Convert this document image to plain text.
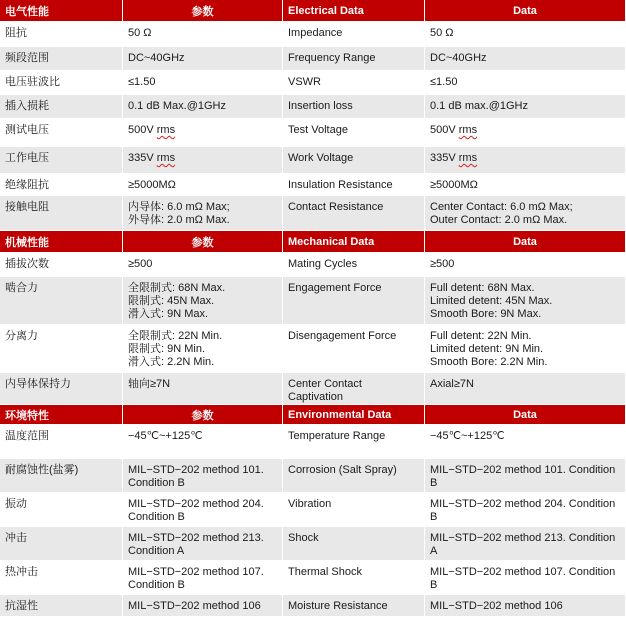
电气性能	参数	Electrical Data	Data

阻抗	50 Ω	Impedance	50 Ω

频段范围	DC~40GHz	Frequency Range	DC~40GHz

电压驻波比	≤1.50	VSWR	≤1.50

插入损耗	0.1 dB Max.@1GHz	Insertion loss	0.1 dB max.@1GHz

测试电压	500V rms	Test Voltage	500V rms

工作电压	335V rms	Work Voltage	335V rms

绝缘阻抗	≥5000MΩ	Insulation Resistance	≥5000MΩ

接触电阻	内导体: 6.0 mΩ Max;
外导体: 2.0 mΩ Max.	Contact Resistance	Center Contact: 6.0 mΩ Max;
Outer Contact: 2.0 mΩ Max.

机械性能	参数	Mechanical Data	Data

插拔次数	≥500	Mating Cycles	≥500

啮合力	全限制式: 68N Max.
限制式: 45N Max.
滑入式: 9N Max.	Engagement Force	Full detent: 68N Max.
Limited detent: 45N Max.
Smooth Bore: 9N Max.

分离力	全限制式: 22N Min.
限制式: 9N Min.
滑入式: 2.2N Min.	Disengagement Force	Full detent: 22N Min.
Limited detent: 9N Min.
Smooth Bore: 2.2N Min.

内导体保持力	轴向≥7N	Center Contact Captivation	Axial≥7N

环境特性	参数	Environmental Data	Data

温度范围	−45℃~+125℃	Temperature Range	−45℃~+125℃

耐腐蚀性(盐雾)	MIL−STD−202 method 101.
Condition B	Corrosion (Salt Spray)	MIL−STD−202 method 101. Condition B

振动	MIL−STD−202 method 204.
Condition B	Vibration	MIL−STD−202 method 204. Condition B

冲击	MIL−STD−202 method 213.
Condition A	Shock	MIL−STD−202 method 213. Condition A

热冲击	MIL−STD−202 method 107.
Condition B	Thermal Shock	MIL−STD−202 method 107. Condition B

抗湿性	MIL−STD−202 method 106	Moisture Resistance	MIL−STD−202 method 106
